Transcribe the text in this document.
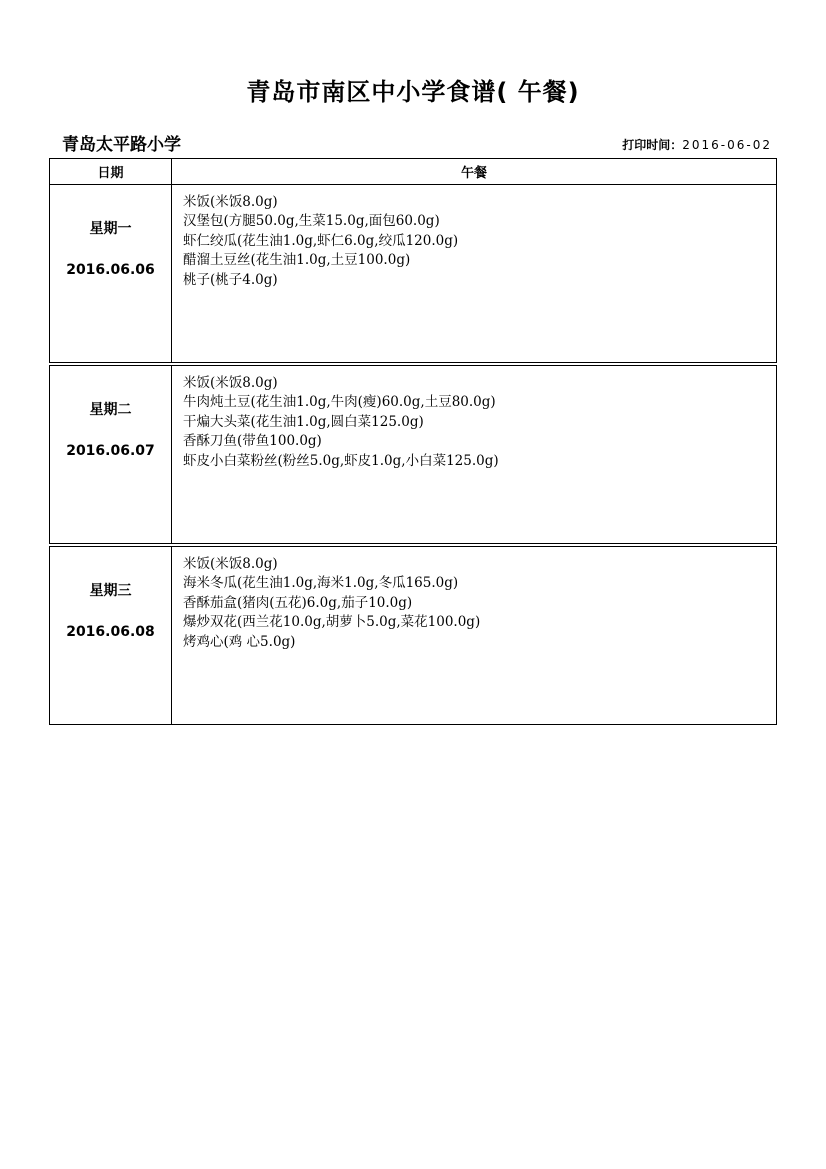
青岛市南区中小学食谱( 午餐)
青岛太平路小学	打印时间：2016-06-02
日期	午餐
星期一
2016.06.06
米饭(米饭8.0g)
汉堡包(方腿50.0g,生菜15.0g,面包60.0g)
虾仁绞瓜(花生油1.0g,虾仁6.0g,绞瓜120.0g)
醋溜土豆丝(花生油1.0g,土豆100.0g)
桃子(桃子4.0g)
星期二
2016.06.07
米饭(米饭8.0g)
牛肉炖土豆(花生油1.0g,牛肉(瘦)60.0g,土豆80.0g)
干煸大头菜(花生油1.0g,圆白菜125.0g)
香酥刀鱼(带鱼100.0g)
虾皮小白菜粉丝(粉丝5.0g,虾皮1.0g,小白菜125.0g)
星期三
2016.06.08
米饭(米饭8.0g)
海米冬瓜(花生油1.0g,海米1.0g,冬瓜165.0g)
香酥茄盒(猪肉(五花)6.0g,茄子10.0g)
爆炒双花(西兰花10.0g,胡萝卜5.0g,菜花100.0g)
烤鸡心(鸡 心5.0g)
